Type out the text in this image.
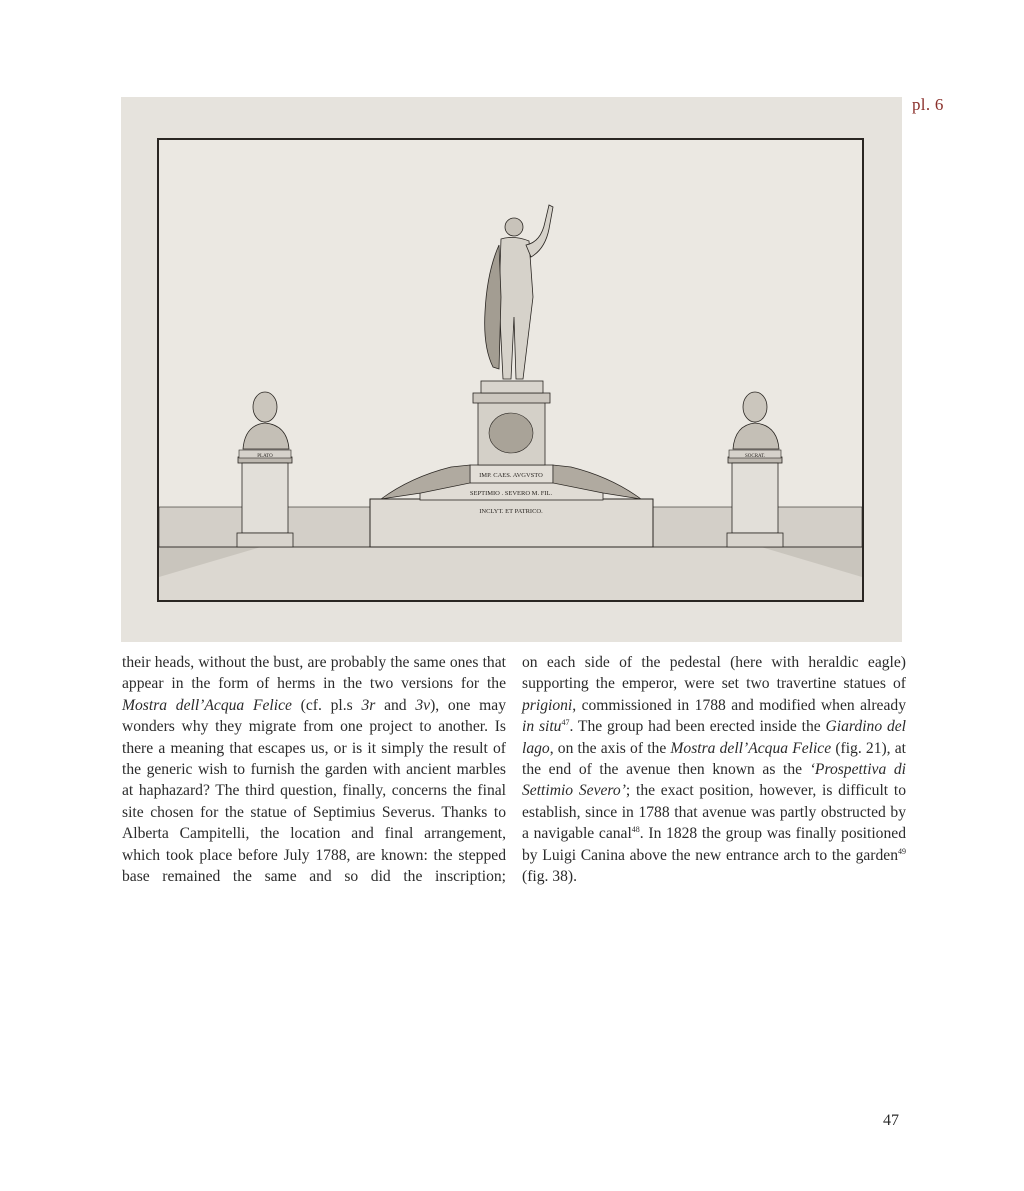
pl. 6
IMP. CAES. AVGVSTO
SEPTIMIO . SEVERO M. FIL.
INCLYT. ET PATRICO.
PLATO	SOCRAT.

their heads, without the bust, are probably the same ones that appear in the form of herms in the two versions for the Mostra dell’Acqua Felice (cf. pl.s 3r and 3v), one may wonders why they migrate from one project to another. Is there a meaning that escapes us, or is it simply the result of the generic wish to furnish the garden with ancient marbles at haphazard? The third question, finally, concerns the final site chosen for the statue of Septimius Severus. Thanks to Alberta Campitelli, the location and final arrangement, which took place before July 1788, are known: the stepped base remained the same and so did the inscription;

on each side of the pedestal (here with heraldic eagle) supporting the emperor, were set two travertine statues of prigioni, commissioned in 1788 and modified when already in situ$^{47}$. The group had been erected inside the Giardino del lago, on the axis of the Mostra dell’Acqua Felice (fig. 21), at the end of the avenue then known as the ‘Prospettiva di Settimio Severo’; the exact position, however, is difficult to establish, since in 1788 that avenue was partly obstructed by a navigable canal$^{48}$. In 1828 the group was finally positioned by Luigi Canina above the new entrance arch to the garden$^{49}$ (fig. 38).

47
